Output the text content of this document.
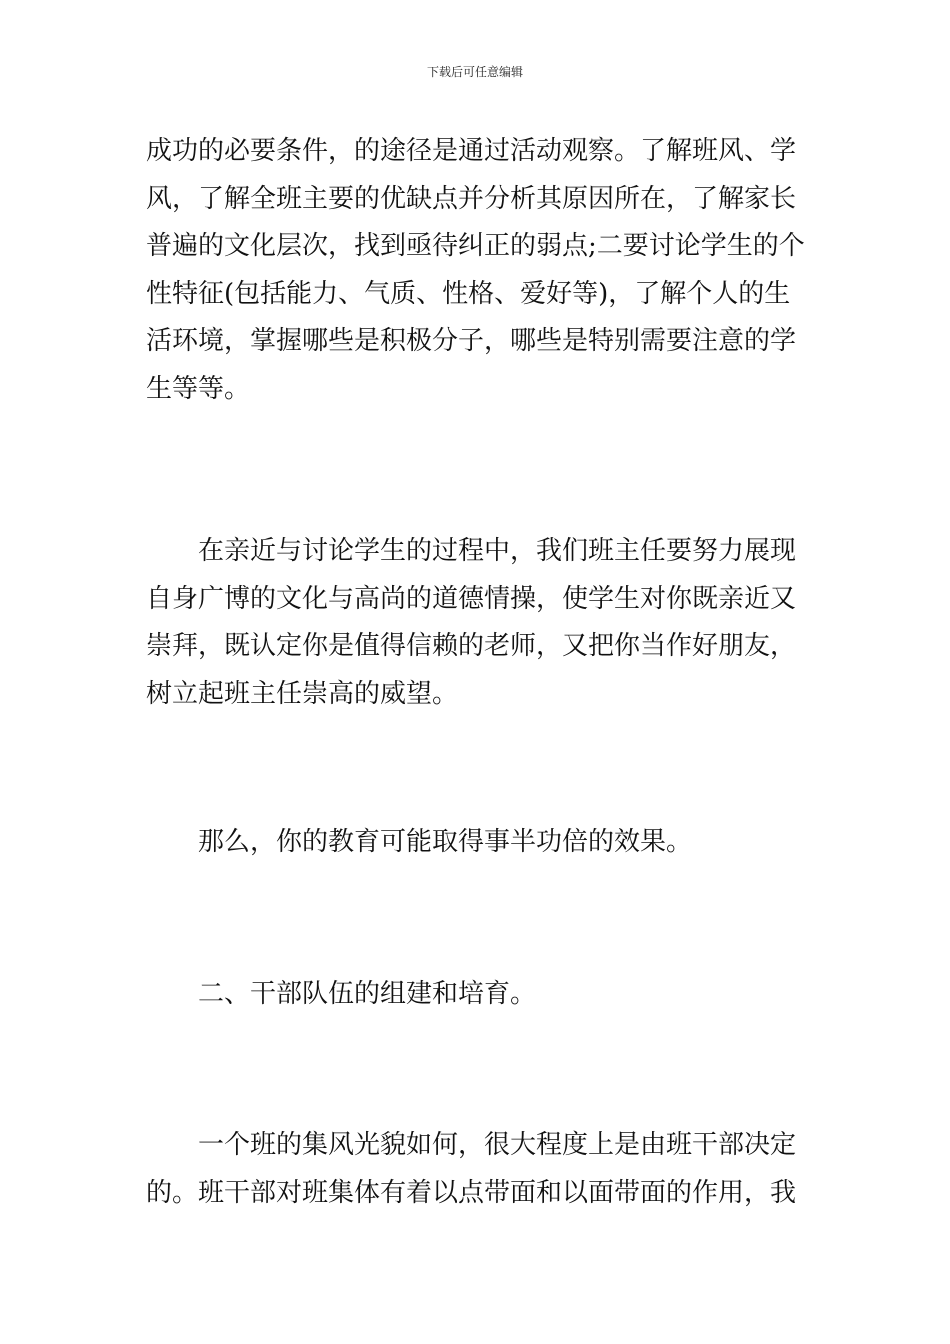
下载后可任意编辑
成功的必要条件，的途径是通过活动观察。了解班风、学
风，了解全班主要的优缺点并分析其原因所在，了解家长
普遍的文化层次，找到亟待纠正的弱点;二要讨论学生的个
性特征(包括能力、气质、性格、爱好等)，了解个人的生
活环境，掌握哪些是积极分子，哪些是特别需要注意的学
生等等。
在亲近与讨论学生的过程中，我们班主任要努力展现
自身广博的文化与高尚的道德情操，使学生对你既亲近又
崇拜，既认定你是值得信赖的老师，又把你当作好朋友，
树立起班主任崇高的威望。
那么，你的教育可能取得事半功倍的效果。
二、干部队伍的组建和培育。
一个班的集风光貌如何，很大程度上是由班干部决定
的。班干部对班集体有着以点带面和以面带面的作用，我
